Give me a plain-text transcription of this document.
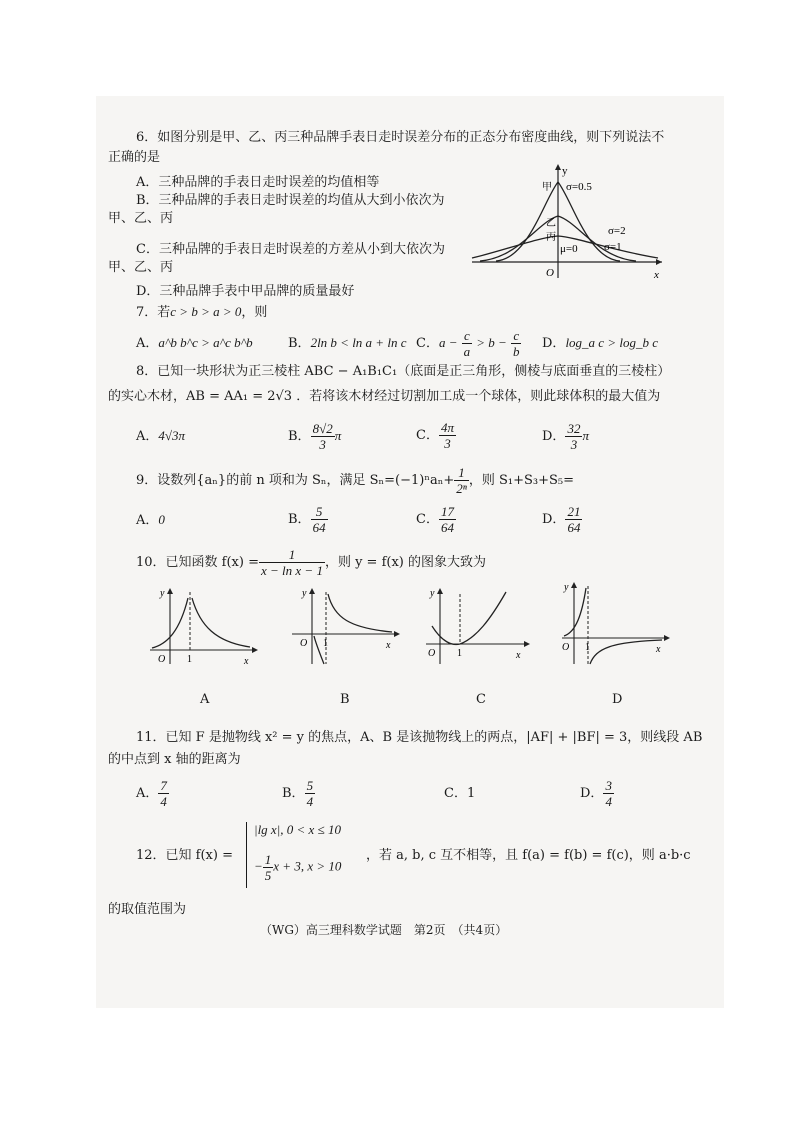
6．如图分别是甲、乙、丙三种品牌手表日走时误差分布的正态分布密度曲线，则下列说法不
正确的是
A．三种品牌的手表日走时误差的均值相等
B．三种品牌的手表日走时误差的均值从大到小依次为
甲、乙、丙
C．三种品牌的手表日走时误差的方差从小到大依次为
甲、乙、丙
D．三种品牌手表中甲品牌的质量最好
y
x
O
甲
乙
丙
σ=0.5
σ=2
μ=0 σ=1
7．若c > b > a > 0，则
A．a^b b^c > a^c b^b	B．2ln b < ln a + ln c C．$a - \frac{c}{a} > b - \frac{c}{b}$ D．log_a c > log_b c
8．已知一块形状为正三棱柱 ABC − A₁B₁C₁（底面是正三角形，侧棱与底面垂直的三棱柱）
的实心木材，AB = AA₁ = 2√3 ．若将该木材经过切割加工成一个球体，则此球体积的最大值为
A．4√3π	B． $\frac{8√2}{3}$ π	C． $\frac{4\pi}{3}$	D． $\frac{32}{3}$ π
9．设数列{aₙ}的前 n 项和为 Sₙ，满足 $S_n=(-1)^na_n+ \frac{1}{\text{2ⁿ}}$ ，则 S₁+S₃+S₅=
A．0	B． $\frac{5}{64}$	C． $\frac{17}{64}$	D． $\frac{21}{64}$
10．已知函数 $f(x) = \frac{1}{\text{x − ln x − 1}}$ ，则 y = f(x) 的图象大致为
y
x
O 1
y
x
O 1
y
x
O 1
y
x
O 1
A	B	C	D
11．已知 F 是抛物线 x² = y 的焦点，A、B 是该抛物线上的两点，|AF| + |BF| = 3，则线段 AB
的中点到 x 轴的距离为
A． $\frac{7}{4}$	B． $\frac{5}{4}$	C．1	D． $\frac{3}{4}$
12．已知 f(x) =
|lg x|, 0 < x ≤ 10
− $\frac{1}{5}$ x + 3, x > 10
，若 a, b, c 互不相等，且 f(a) = f(b) = f(c)，则 a·b·c
的取值范围为
（WG）高三理科数学试题　第2页　（共4页）
